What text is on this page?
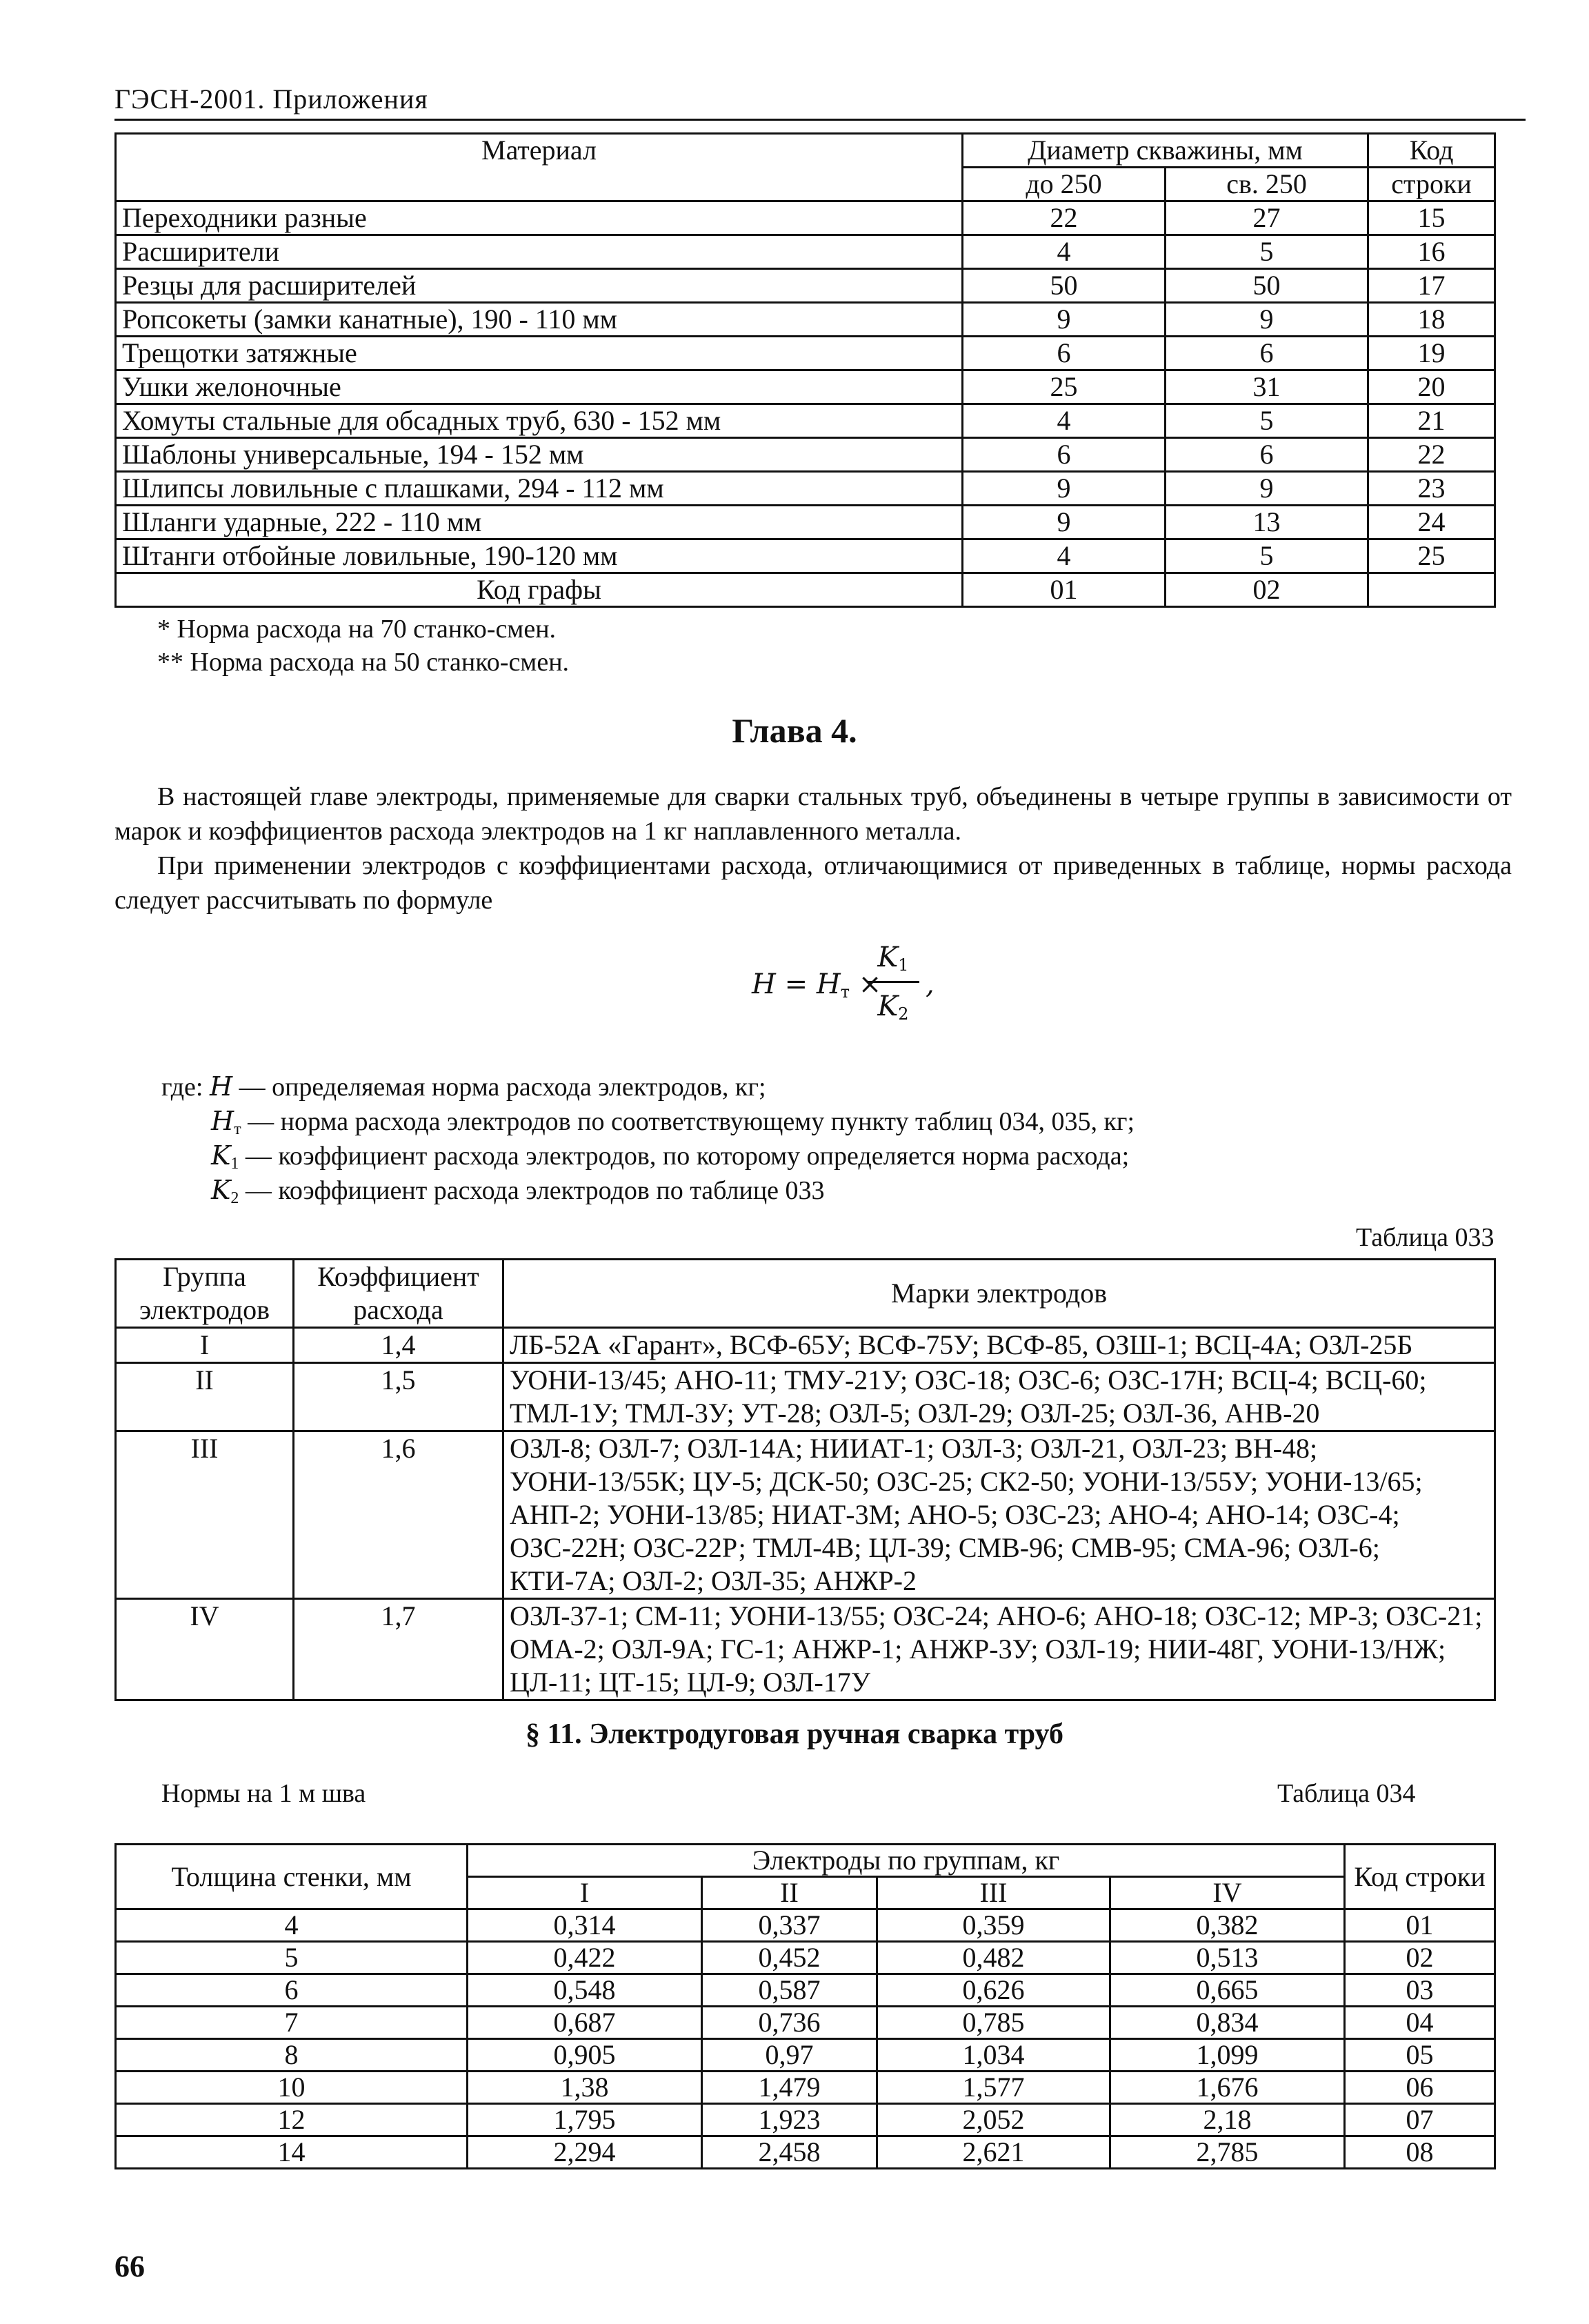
ГЭСН-2001. Приложения
Материал	Диаметр скважины, мм		Код
	до 250	св. 250	строки
Переходники разные	22	27	15
Расширители	4	5	16
Резцы для расширителей	50	50	17
Ропсокеты (замки канатные), 190 - 110 мм	9	9	18
Трещотки затяжные	6	6	19
Ушки желоночные	25	31	20
Хомуты стальные для обсадных труб, 630 - 152 мм	4	5	21
Шаблоны универсальные, 194 - 152 мм	6	6	22
Шлипсы ловильные с плашками, 294 - 112 мм	9	9	23
Шланги ударные, 222 - 110 мм	9	13	24
Штанги отбойные ловильные, 190-120 мм	4	5	25
Код графы	01	02	
* Норма расхода на 70 станко-смен.
** Норма расхода на 50 станко-смен.
Глава 4.
В настоящей главе электроды, применяемые для сварки стальных труб, объединены в четыре группы в зависимости от марок и коэффициентов расхода электродов на 1 кг наплавленного металла.
При применении электродов с коэффициентами расхода, отличающимися от приведенных в таблице, нормы расхода следует рассчитывать по формуле
$H = H_т$ ×
$K_1$
$K_2$
,
где: H — определяемая норма расхода электродов, кг;
$H_т$ — норма расхода электродов по соответствующему пункту таблиц 034, 035, кг;
$K_1$ — коэффициент расхода электродов, по которому определяется норма расхода;
$K_2$ — коэффициент расхода электродов по таблице 033
Таблица 033
Группа электродов	Коэффициент расхода	Марки электродов
I	1,4	ЛБ-52А «Гарант», ВСФ-65У; ВСФ-75У; ВСФ-85, ОЗШ-1; ВСЦ-4А; ОЗЛ-25Б
II	1,5	УОНИ-13/45; АНО-11; ТМУ-21У; ОЗС-18; ОЗС-6; ОЗС-17Н; ВСЦ-4; ВСЦ-60; ТМЛ-1У; ТМЛ-3У; УТ-28; ОЗЛ-5; ОЗЛ-29; ОЗЛ-25; ОЗЛ-36, АНВ-20
III	1,6	ОЗЛ-8; ОЗЛ-7; ОЗЛ-14А; НИИАТ-1; ОЗЛ-3; ОЗЛ-21, ОЗЛ-23; ВН-48; УОНИ-13/55К; ЦУ-5; ДСК-50; ОЗС-25; СК2-50; УОНИ-13/55У; УОНИ-13/65; АНП-2; УОНИ-13/85; НИАТ-3М; АНО-5; ОЗС-23; АНО-4; АНО-14; ОЗС-4; ОЗС-22Н; ОЗС-22Р; ТМЛ-4В; ЦЛ-39; СМВ-96; СМВ-95; СМА-96; ОЗЛ-6; КТИ-7А; ОЗЛ-2; ОЗЛ-35; АНЖР-2
IV	1,7	ОЗЛ-37-1; СМ-11; УОНИ-13/55; ОЗС-24; АНО-6; АНО-18; ОЗС-12; МР-3; ОЗС-21; ОМА-2; ОЗЛ-9А; ГС-1; АНЖР-1; АНЖР-3У; ОЗЛ-19; НИИ-48Г, УОНИ-13/НЖ; ЦЛ-11; ЦТ-15; ЦЛ-9; ОЗЛ-17У
§ 11. Электродуговая ручная сварка труб
Нормы на 1 м шва	Таблица 034
Толщина стенки, мм	Электроды по группам, кг				Код строки
	I	II	III	IV	
4	0,314	0,337	0,359	0,382	01
5	0,422	0,452	0,482	0,513	02
6	0,548	0,587	0,626	0,665	03
7	0,687	0,736	0,785	0,834	04
8	0,905	0,97	1,034	1,099	05
10	1,38	1,479	1,577	1,676	06
12	1,795	1,923	2,052	2,18	07
14	2,294	2,458	2,621	2,785	08
66
